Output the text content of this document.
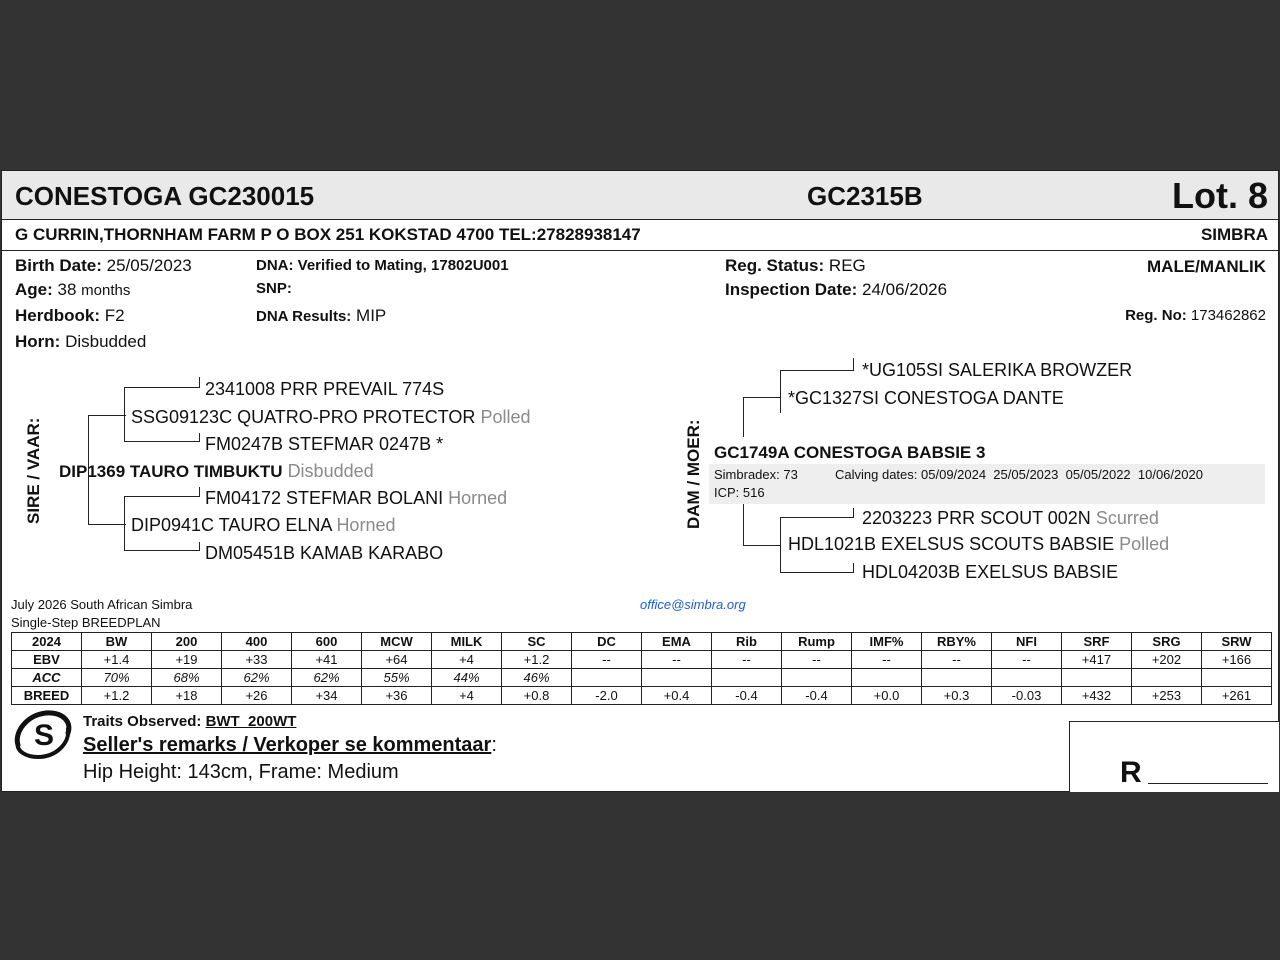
CONESTOGA GC230015	GC2315B	Lot. 8
G CURRIN,THORNHAM FARM P O BOX 251 KOKSTAD 4700 TEL:27828938147	SIMBRA
Birth Date: 25/05/2023
Age: 38 months
Herdbook: F2
Horn: Disbudded
DNA: Verified to Mating, 17802U001
SNP:
DNA Results: MIP
Reg. Status: REG
Inspection Date: 24/06/2026
MALE/MANLIK
Reg. No: 173462862
SIRE / VAAR:
2341008 PRR PREVAIL 774S
SSG09123C QUATRO-PRO PROTECTOR Polled
FM0247B STEFMAR 0247B *
DIP1369 TAURO TIMBUKTU Disbudded
FM04172 STEFMAR BOLANI Horned
DIP0941C TAURO ELNA Horned
DM05451B KAMAB KARABO
DAM / MOER:
*UG105SI SALERIKA BROWZER
*GC1327SI CONESTOGA DANTE
GC1749A CONESTOGA BABSIE 3
Simbradex: 73	Calving dates: 05/09/2024  25/05/2023  05/05/2022  10/06/2020
ICP: 516
2203223 PRR SCOUT 002N Scurred
HDL1021B EXELSUS SCOUTS BABSIE Polled
HDL04203B EXELSUS BABSIE
July 2026 South African Simbra
Single-Step BREEDPLAN
office@simbra.org
2024	BW	200	400	600	MCW	MILK	SC	DC	EMA	Rib	Rump	IMF%	RBY%	NFI	SRF	SRG	SRW
EBV	+1.4	+19	+33	+41	+64	+4	+1.2	--	--	--	--	--	--	--	+417	+202	+166
ACC	70%	68%	62%	62%	55%	44%	46%										
BREED	+1.2	+18	+26	+34	+36	+4	+0.8	-2.0	+0.4	-0.4	-0.4	+0.0	+0.3	-0.03	+432	+253	+261
S Traits Observed: BWT  200WT
Seller's remarks / Verkoper se kommentaar:
Hip Height: 143cm, Frame: Medium	R
